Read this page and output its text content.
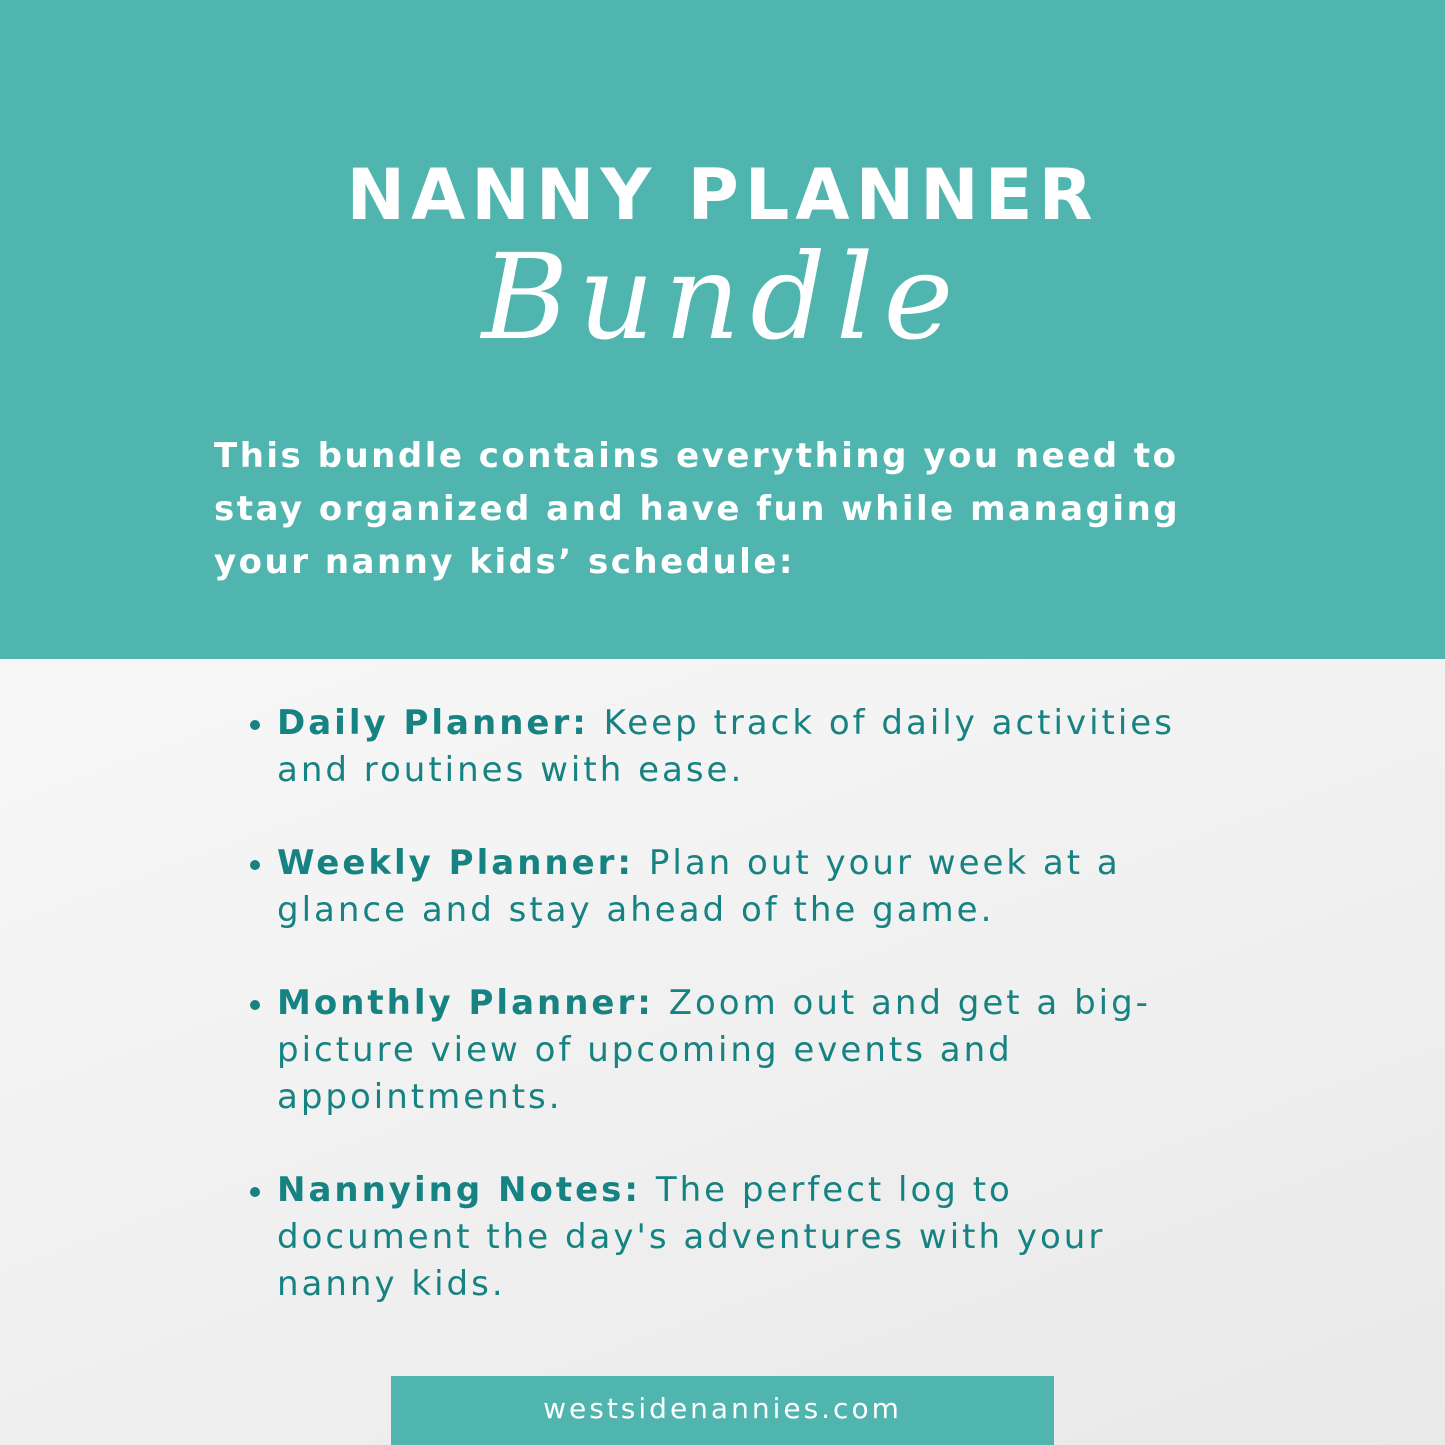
NANNY PLANNER
Bundle
This bundle contains everything you need to
stay organized and have fun while managing
your nanny kids’ schedule:
Daily Planner: Keep track of daily activities and routines with ease.
Weekly Planner: Plan out your week at a glance and stay ahead of the game.
Monthly Planner: Zoom out and get a big-picture view of upcoming events and appointments.
Nannying Notes: The perfect log to document the day's adventures with your nanny kids.
westsidenannies.com
